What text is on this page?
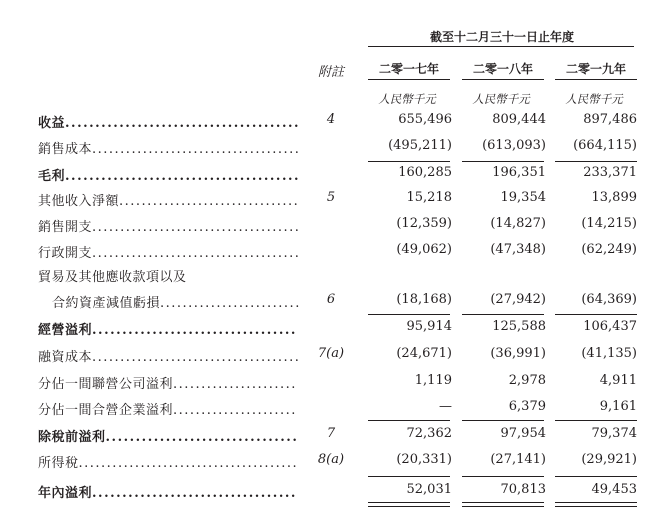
截至十二月三十一日止年度
附註	二零一七年	二零一八年	二零一九年
人民幣千元	人民幣千元	人民幣千元
收益.......................................	4	655,496	809,444	897,486
銷售成本.....................................	(495,211)	(613,093)	(664,115)
毛利.......................................	160,285	196,351	233,371
其他收入淨額................................	5	15,218	19,354	13,899
銷售開支.....................................	(12,359)	(14,827)	(14,215)
行政開支.....................................	(49,062)	(47,348)	(62,249)
貿易及其他應收款項以及
合約資產減值虧損.........................	6	(18,168)	(27,942)	(64,369)
經營溢利..................................	95,914	125,588	106,437
融資成本.....................................	7(a)	(24,671)	(36,991)	(41,135)
分佔一間聯營公司溢利......................	1,119	2,978	4,911
分佔一間合營企業溢利......................	—	6,379	9,161
除稅前溢利................................	7	72,362	97,954	79,374
所得稅.......................................	8(a)	(20,331)	(27,141)	(29,921)
年內溢利..................................	52,031	70,813	49,453
